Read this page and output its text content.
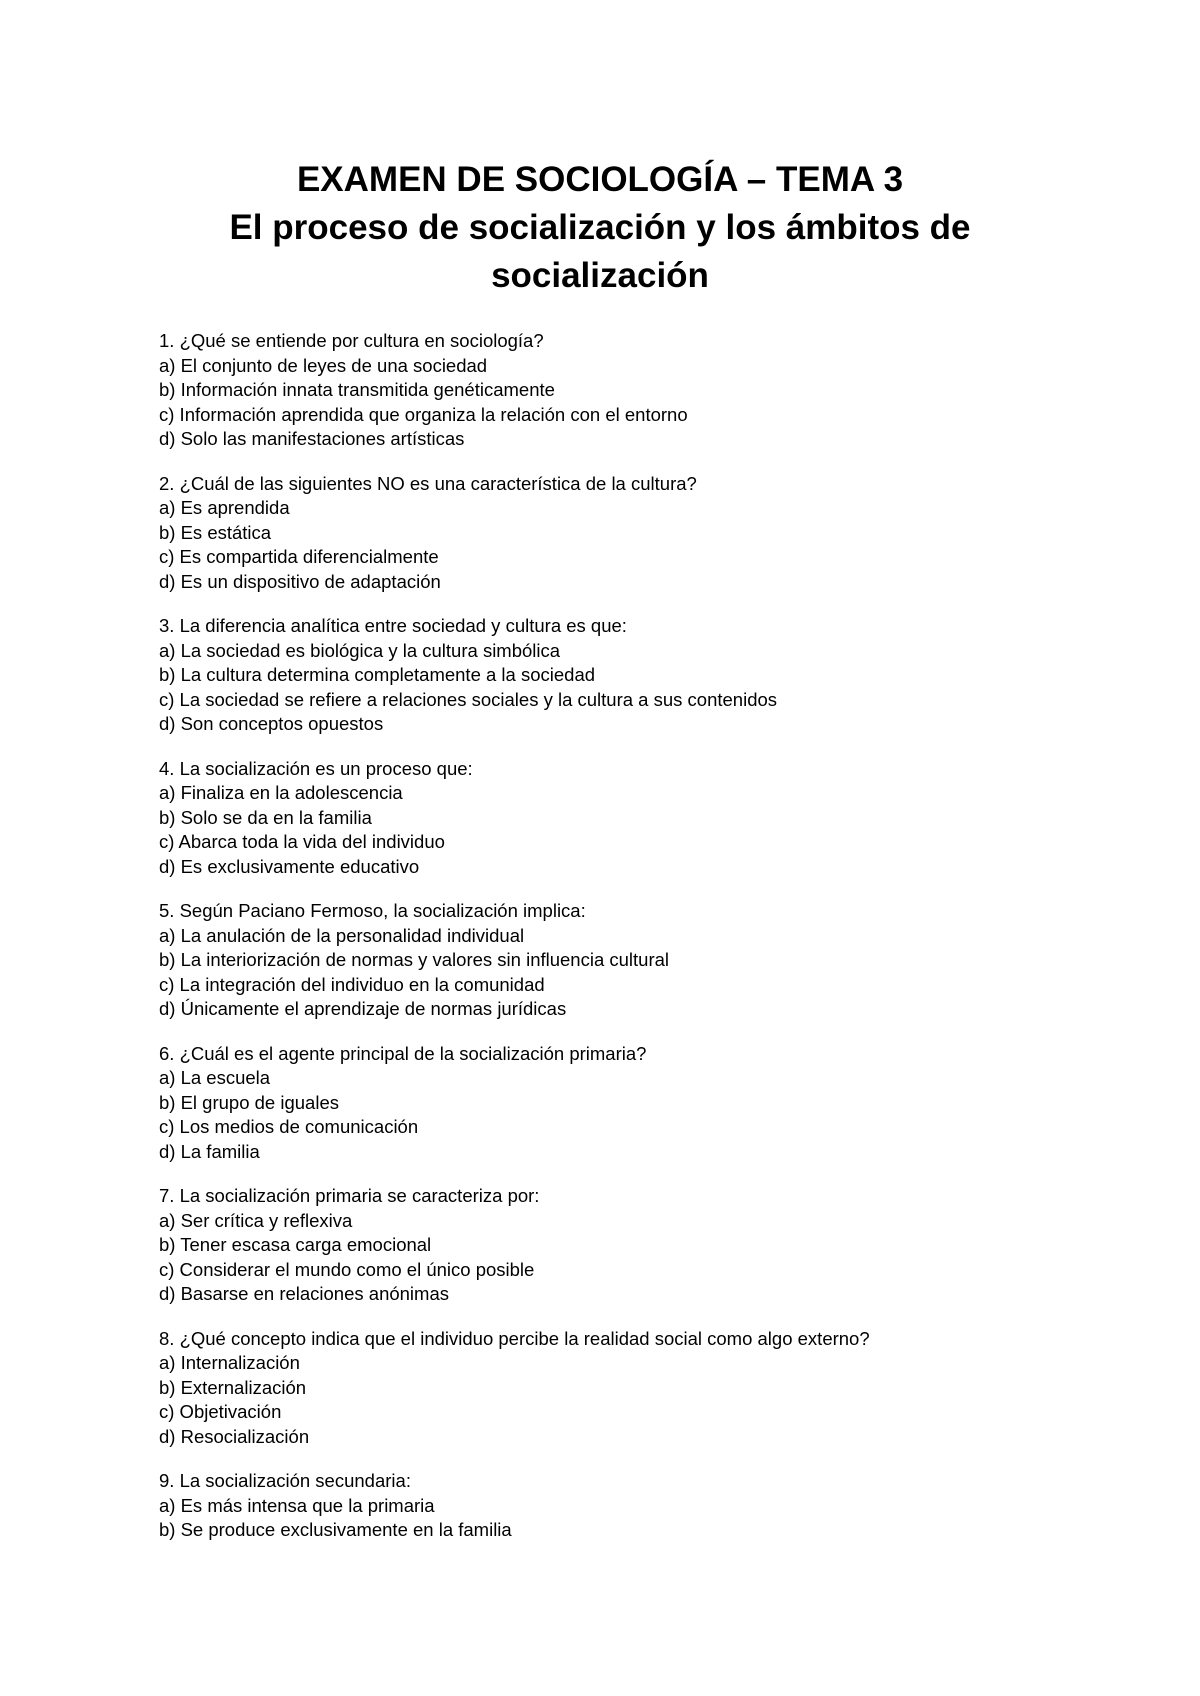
EXAMEN DE SOCIOLOGÍA – TEMA 3
El proceso de socialización y los ámbitos de
socialización
1. ¿Qué se entiende por cultura en sociología?
a) El conjunto de leyes de una sociedad
b) Información innata transmitida genéticamente
c) Información aprendida que organiza la relación con el entorno
d) Solo las manifestaciones artísticas
2. ¿Cuál de las siguientes NO es una característica de la cultura?
a) Es aprendida
b) Es estática
c) Es compartida diferencialmente
d) Es un dispositivo de adaptación
3. La diferencia analítica entre sociedad y cultura es que:
a) La sociedad es biológica y la cultura simbólica
b) La cultura determina completamente a la sociedad
c) La sociedad se refiere a relaciones sociales y la cultura a sus contenidos
d) Son conceptos opuestos
4. La socialización es un proceso que:
a) Finaliza en la adolescencia
b) Solo se da en la familia
c) Abarca toda la vida del individuo
d) Es exclusivamente educativo
5. Según Paciano Fermoso, la socialización implica:
a) La anulación de la personalidad individual
b) La interiorización de normas y valores sin influencia cultural
c) La integración del individuo en la comunidad
d) Únicamente el aprendizaje de normas jurídicas
6. ¿Cuál es el agente principal de la socialización primaria?
a) La escuela
b) El grupo de iguales
c) Los medios de comunicación
d) La familia
7. La socialización primaria se caracteriza por:
a) Ser crítica y reflexiva
b) Tener escasa carga emocional
c) Considerar el mundo como el único posible
d) Basarse en relaciones anónimas
8. ¿Qué concepto indica que el individuo percibe la realidad social como algo externo?
a) Internalización
b) Externalización
c) Objetivación
d) Resocialización
9. La socialización secundaria:
a) Es más intensa que la primaria
b) Se produce exclusivamente en la familia
